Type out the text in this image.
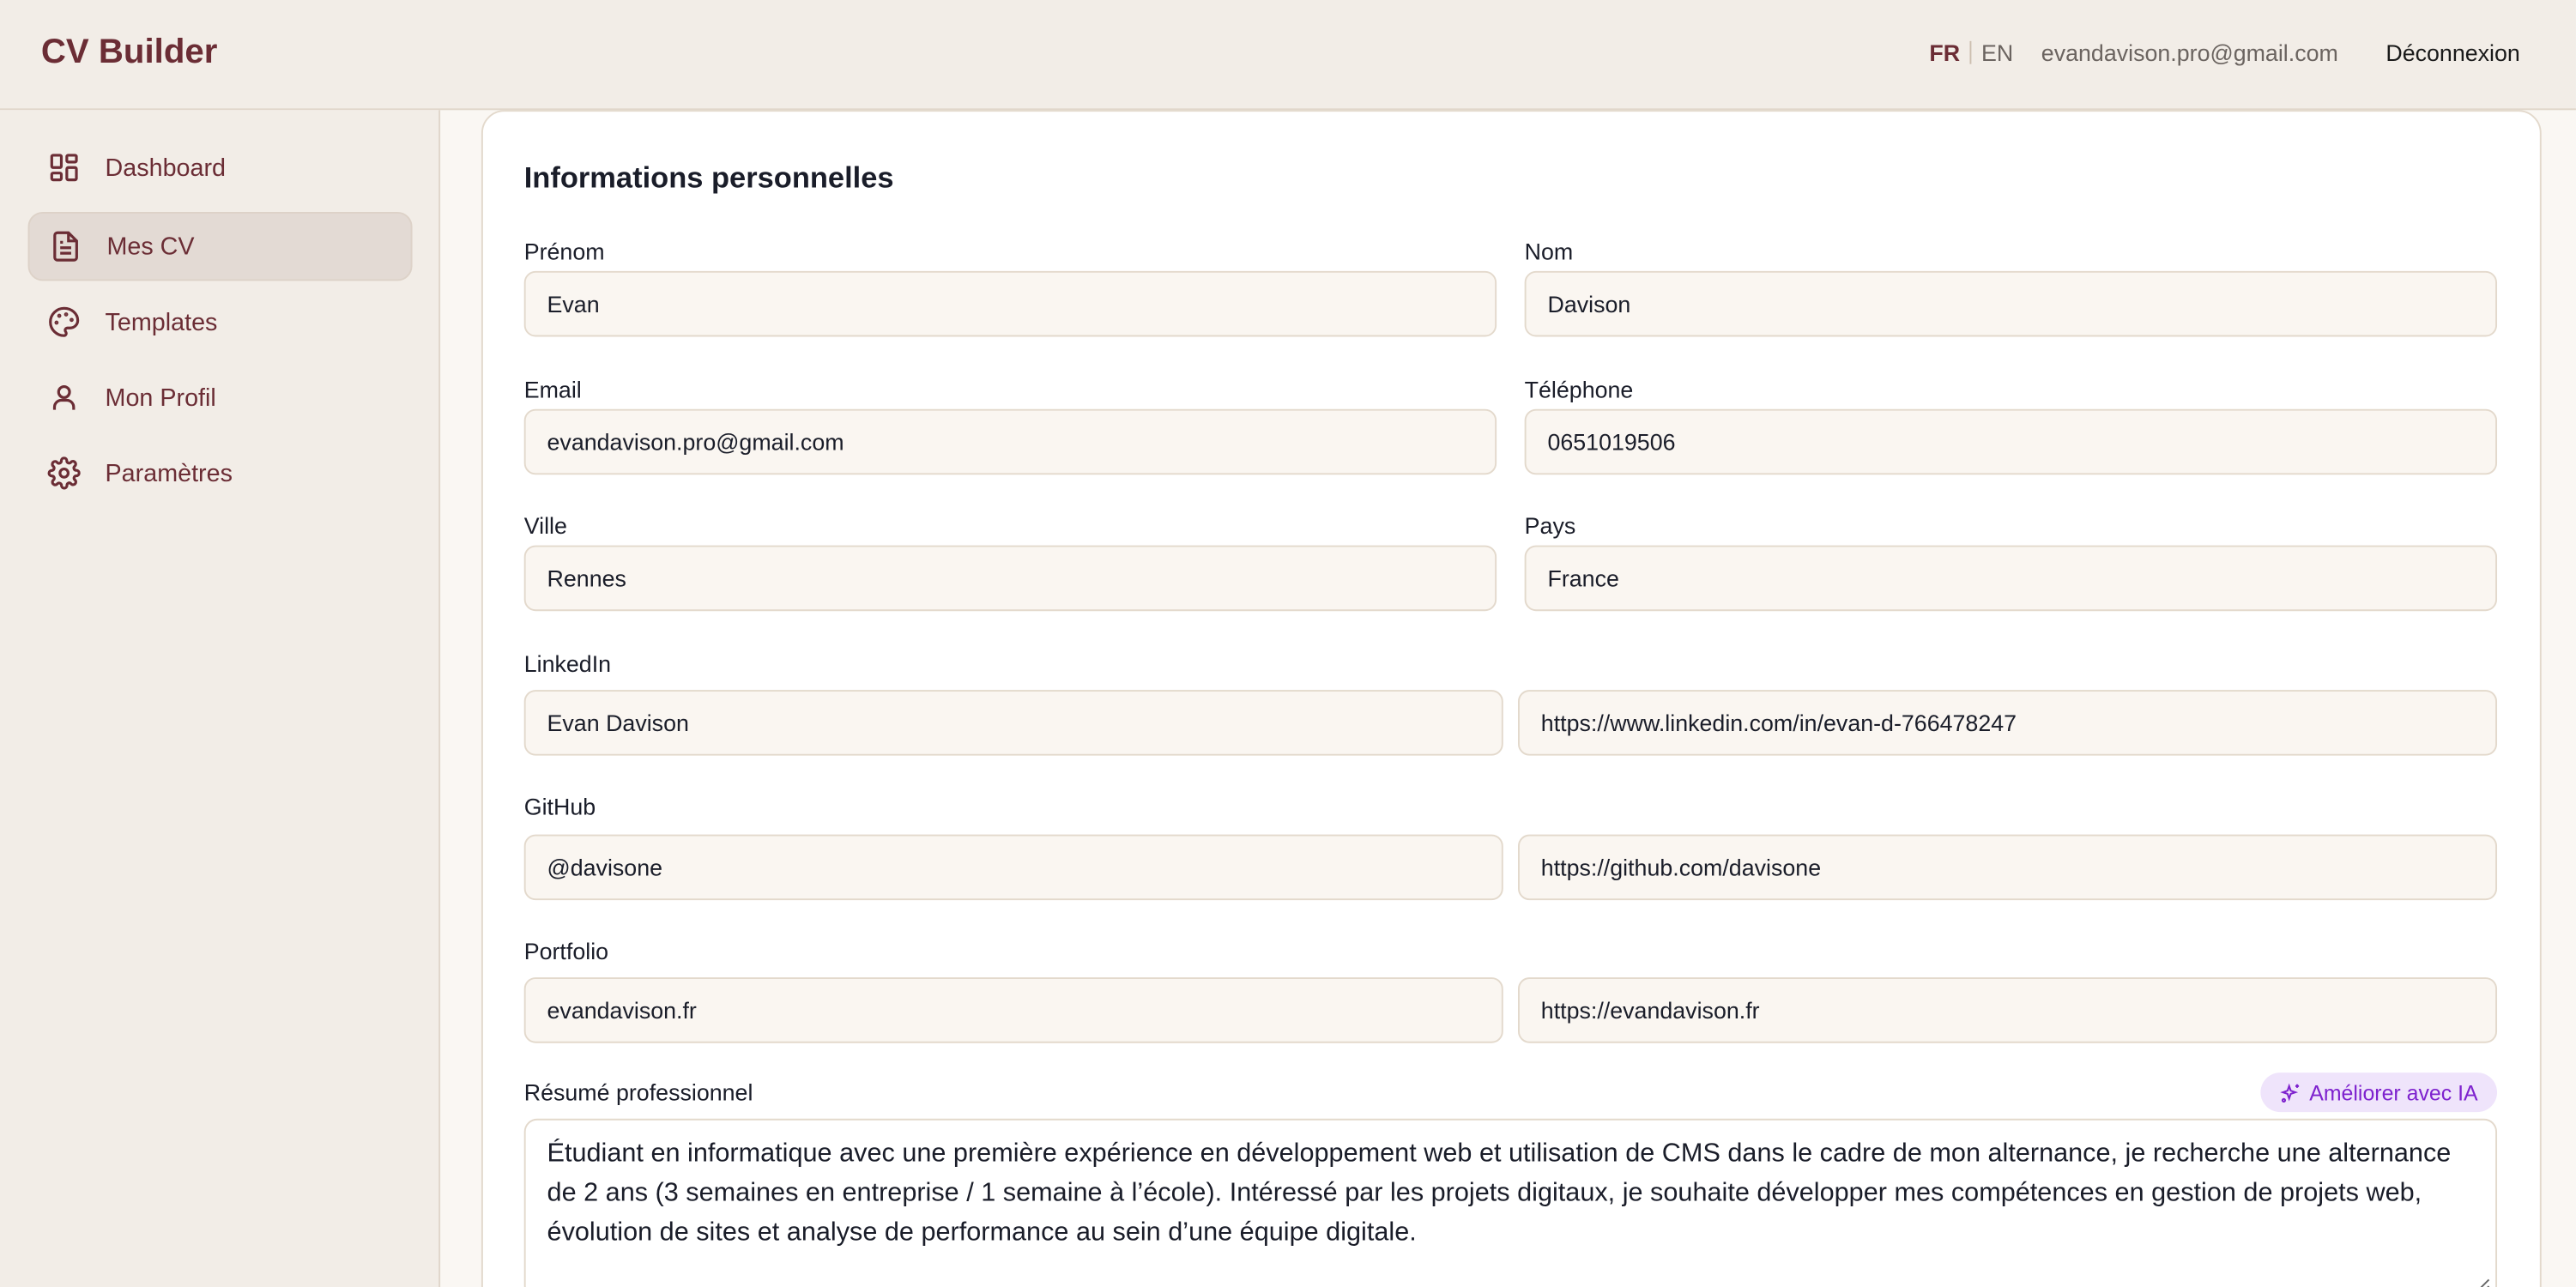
CV Builder	FR EN evandavison.pro@gmail.com	Déconnexion
Dashboard
Mes CV
Templates
Mon Profil
Paramètres
Informations personnelles
Prénom
Evan
Nom
Davison
Email
evandavison.pro@gmail.com
Téléphone
0651019506
Ville
Rennes
Pays
France
LinkedIn
Evan Davison	https://www.linkedin.com/in/evan-d-766478247
GitHub
@davisone	https://github.com/davisone
Portfolio
evandavison.fr	https://evandavison.fr
Résumé professionnel	Améliorer avec IA
Étudiant en informatique avec une première expérience en développement web et utilisation de CMS dans le cadre de mon alternance, je recherche une alternance de 2 ans (3 semaines en entreprise / 1 semaine à l’école). Intéressé par les projets digitaux, je souhaite développer mes compétences en gestion de projets web, évolution de sites et analyse de performance au sein d’une équipe digitale.
